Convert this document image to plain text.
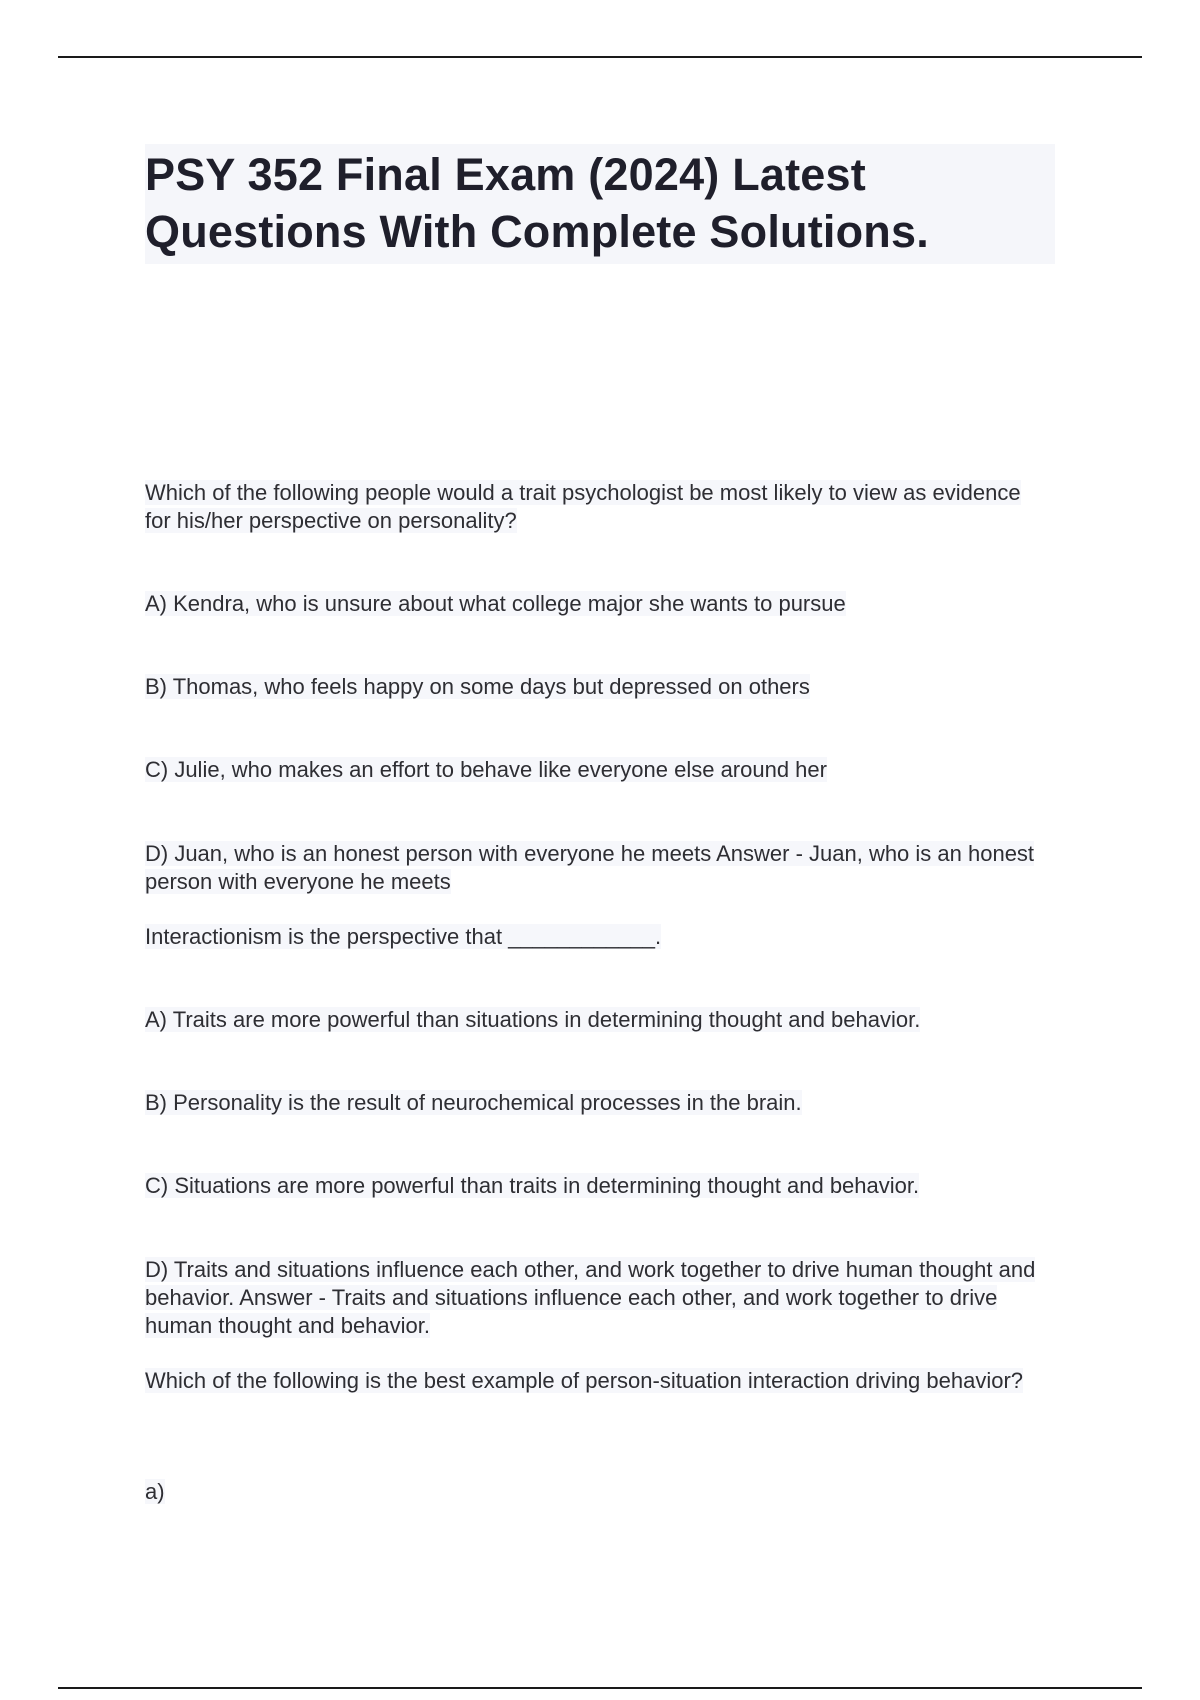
PSY 352 Final Exam (2024) Latest Questions With Complete Solutions.

Which of the following people would a trait psychologist be most likely to view as evidence for his/her perspective on personality?

A) Kendra, who is unsure about what college major she wants to pursue

B) Thomas, who feels happy on some days but depressed on others

C) Julie, who makes an effort to behave like everyone else around her

D) Juan, who is an honest person with everyone he meets Answer - Juan, who is an honest person with everyone he meets

Interactionism is the perspective that ____________.

A) Traits are more powerful than situations in determining thought and behavior.

B) Personality is the result of neurochemical processes in the brain.

C) Situations are more powerful than traits in determining thought and behavior.

D) Traits and situations influence each other, and work together to drive human thought and behavior. Answer - Traits and situations influence each other, and work together to drive human thought and behavior.

Which of the following is the best example of person-situation interaction driving behavior?

a)
